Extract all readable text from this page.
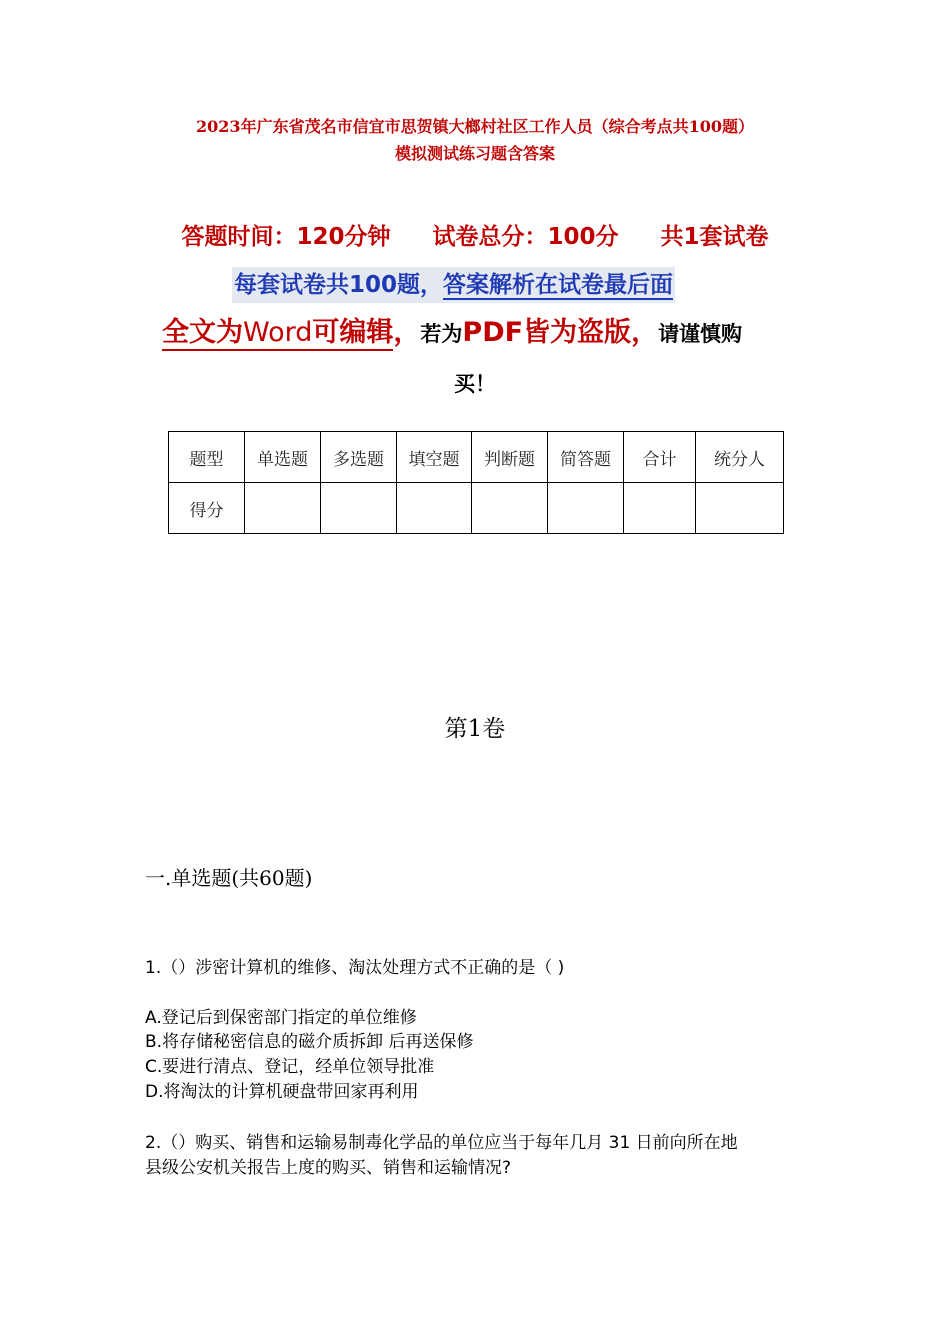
2023年广东省茂名市信宜市思贺镇大榔村社区工作人员（综合考点共100题）
模拟测试练习题含答案
答题时间：120分钟 试卷总分：100分 共1套试卷
每套试卷共100题，答案解析在试卷最后面
全文为Word可编辑，若为PDF皆为盗版，请谨慎购
买！
题型	单选题	多选题	填空题	判断题	简答题	合计	统分人
得分							
第1卷
一.单选题(共60题)
1.（）涉密计算机的维修、淘汰处理方式不正确的是（ )
A.登记后到保密部门指定的单位维修
B.将存储秘密信息的磁介质拆卸 后再送保修
C.要进行清点、登记，经单位领导批准
D.将淘汰的计算机硬盘带回家再利用
2.（）购买、销售和运输易制毒化学品的单位应当于每年几月 31 日前向所在地
县级公安机关报告上度的购买、销售和运输情况?
